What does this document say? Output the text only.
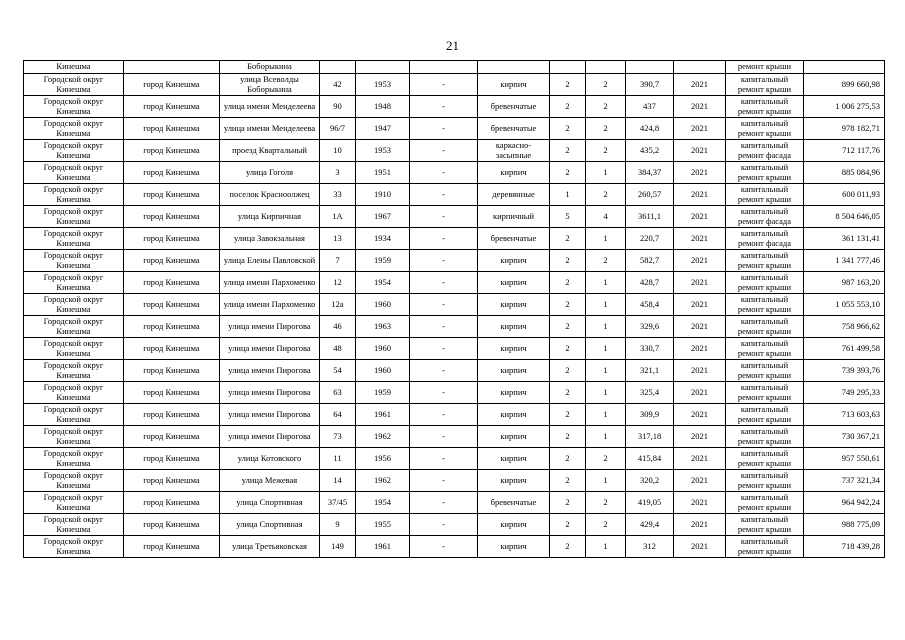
21
Кинешма		Боборыкина									ремонт крыши	
Городской округ Кинешма	город Кинешма	улица Всеволды Боборыкина	42	1953	-	кирпич	2	2	390,7	2021	капитальный ремонт крыши	899 660,98
Городской округ Кинешма	город Кинешма	улица имени Менделеева	90	1948	-	бревенчатые	2	2	437	2021	капитальный ремонт крыши	1 006 275,53
Городской округ Кинешма	город Кинешма	улица имени Менделеева	96/7	1947	-	бревенчатые	2	2	424,8	2021	капитальный ремонт крыши	978 182,71
Городской округ Кинешма	город Кинешма	проезд Квартальный	10	1953	-	каркасно-засыпные	2	2	435,2	2021	капитальный ремонт фасада	712 117,76
Городской округ Кинешма	город Кинешма	улица Гоголя	3	1951	-	кирпич	2	1	384,37	2021	капитальный ремонт крыши	885 084,96
Городской округ Кинешма	город Кинешма	поселок Красноолжец	33	1910	-	деревянные	1	2	260,57	2021	капитальный ремонт крыши	600 011,93
Городской округ Кинешма	город Кинешма	улица Кирпичная	1А	1967	-	кирпичный	5	4	3611,1	2021	капитальный ремонт фасада	8 504 646,05
Городской округ Кинешма	город Кинешма	улица Завокзальная	13	1934	-	бревенчатые	2	1	220,7	2021	капитальный ремонт фасада	361 131,41
Городской округ Кинешма	город Кинешма	улица Елены Павловской	7	1959	-	кирпич	2	2	582,7	2021	капитальный ремонт крыши	1 341 777,46
Городской округ Кинешма	город Кинешма	улица имени Пархоменко	12	1954	-	кирпич	2	1	428,7	2021	капитальный ремонт крыши	987 163,20
Городской округ Кинешма	город Кинешма	улица имени Пархоменко	12а	1960	-	кирпич	2	1	458,4	2021	капитальный ремонт крыши	1 055 553,10
Городской округ Кинешма	город Кинешма	улица имени Пирогова	46	1963	-	кирпич	2	1	329,6	2021	капитальный ремонт крыши	758 966,62
Городской округ Кинешма	город Кинешма	улица имени Пирогова	48	1960	-	кирпич	2	1	330,7	2021	капитальный ремонт крыши	761 499,58
Городской округ Кинешма	город Кинешма	улица имени Пирогова	54	1960	-	кирпич	2	1	321,1	2021	капитальный ремонт крыши	739 393,76
Городской округ Кинешма	город Кинешма	улица имени Пирогова	63	1959	-	кирпич	2	1	325,4	2021	капитальный ремонт крыши	749 295,33
Городской округ Кинешма	город Кинешма	улица имени Пирогова	64	1961	-	кирпич	2	1	309,9	2021	капитальный ремонт крыши	713 603,63
Городской округ Кинешма	город Кинешма	улица имени Пирогова	73	1962	-	кирпич	2	1	317,18	2021	капитальный ремонт крыши	730 367,21
Городской округ Кинешма	город Кинешма	улица Котовского	11	1956	-	кирпич	2	2	415,84	2021	капитальный ремонт крыши	957 550,61
Городской округ Кинешма	город Кинешма	улица Межевая	14	1962	-	кирпич	2	1	320,2	2021	капитальный ремонт крыши	737 321,34
Городской округ Кинешма	город Кинешма	улица Спортивная	37/45	1954	-	бревенчатые	2	2	419,05	2021	капитальный ремонт крыши	964 942,24
Городской округ Кинешма	город Кинешма	улица Спортивная	9	1955	-	кирпич	2	2	429,4	2021	капитальный ремонт крыши	988 775,09
Городской округ Кинешма	город Кинешма	улица Третьяковская	149	1961	-	кирпич	2	1	312	2021	капитальный ремонт крыши	718 439,28
